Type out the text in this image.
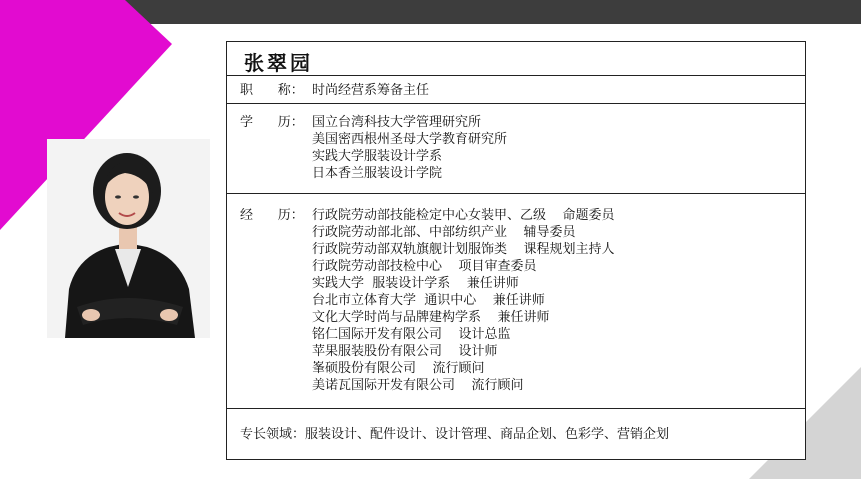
张翠园
职      称： 时尚经营系筹备主任
学      历： 国立台湾科技大学管理研究所
美国密西根州圣母大学教育研究所
实践大学服装设计学系
日本香兰服装设计学院
经      历： 行政院劳动部技能检定中心女装甲、乙级    命题委员
行政院劳动部北部、中部纺织产业    辅导委员
行政院劳动部双轨旗舰计划服饰类    课程规划主持人
行政院劳动部技检中心    项目审查委员
实践大学  服装设计学系    兼任讲师
台北市立体育大学  通识中心    兼任讲师
文化大学时尚与品牌建构学系    兼任讲师
铭仁国际开发有限公司    设计总监
苹果服装股份有限公司    设计师
峯硕股份有限公司    流行顾问
美诺瓦国际开发有限公司    流行顾问
专长领域：服装设计、配件设计、设计管理、商品企划、色彩学、营销企划
